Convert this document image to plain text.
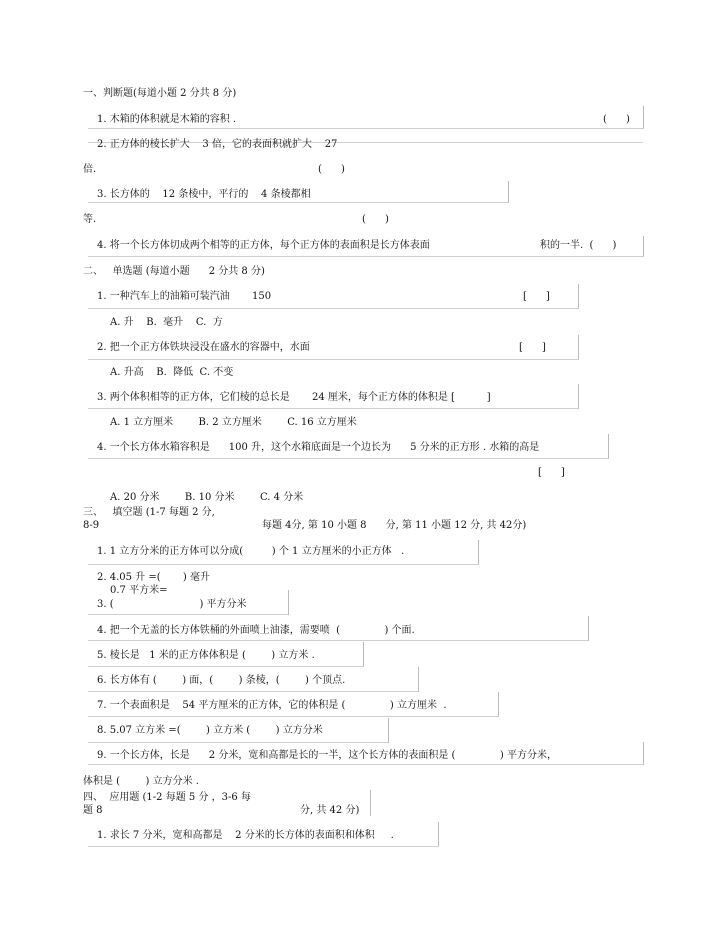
一、判断题(每道小题 2 分共 8 分)
1. 木箱的体积就是木箱的容积 .	(      )
2. 正方体的棱长扩大    3 倍，它的表面积就扩大    27
倍.	(      )
3. 长方体的    12 条棱中，平行的    4 条棱都相
等.	(      )
4. 将一个长方体切成两个相等的正方体，每个正方体的表面积是长方体表面	积的一半.  (      )
二、   单选题 (每道小题      2 分共 8 分)
1. 一种汽车上的油箱可装汽油       150	[      ]
A. 升    B.  毫升    C.  方
2. 把一个正方体铁块浸没在盛水的容器中，水面	[      ]
A. 升高    B.  降低  C. 不变
3. 两个体积相等的正方体，它们棱的总长是       24 厘米，每个正方体的体积是 [          ]
A. 1 立方厘米        B. 2 立方厘米        C. 16 立方厘米
4. 一个长方体水箱容积是      100 升，这个水箱底面是一个边长为      5 分米的正方形 . 水箱的高是
[      ]
A. 20 分米        B. 10 分米        C. 4 分米
三、   填空题 (1-7 每题 2 分,
8-9	每题 4分, 第 10 小题 8      分, 第 11 小题 12 分, 共 42分)
1. 1 立方分米的正方体可以分成(         ) 个 1 立方厘米的小正方体   .
2. 4.05 升 =(       ) 毫升
0.7 平方米=
3. (                           ) 平方分米
4. 把一个无盖的长方体铁桶的外面喷上油漆，需要喷  (              ) 个面.
5. 棱长是   1 米的正方体体积是 (        ) 立方米 .
6. 长方体有 (        ) 面，(        ) 条棱，(        ) 个顶点.
7. 一个表面积是    54 平方厘米的正方体，它的体积是 (              ) 立方厘米  .
8. 5.07 立方米 =(        ) 立方米 (        ) 立方分米
9. 一个长方体，长是      2 分米，宽和高都是长的一半，这个长方体的表面积是 (              ) 平方分米，
体积是 (        ) 立方分米 .
四、  应用题 (1-2 每题 5 分 ，3-6 每
题 8	分, 共 42 分)
1. 求长 7 分米，宽和高都是    2 分米的长方体的表面积和体积     .
